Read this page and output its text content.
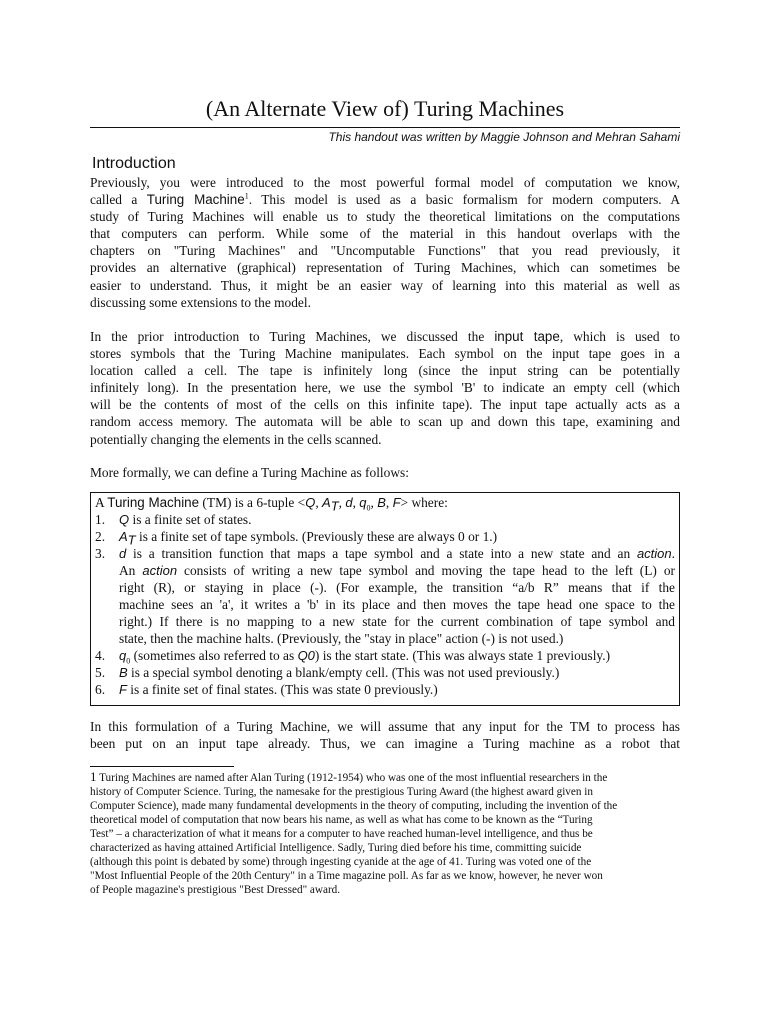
(An Alternate View of) Turing Machines
This handout was written by Maggie Johnson and Mehran Sahami
Introduction
Previously, you were introduced to the most powerful formal model of computation we know,
called a Turing Machine$^1$. This model is used as a basic formalism for modern computers. A
study of Turing Machines will enable us to study the theoretical limitations on the computations
that computers can perform. While some of the material in this handout overlaps with the
chapters on "Turing Machines" and "Uncomputable Functions" that you read previously, it
provides an alternative (graphical) representation of Turing Machines, which can sometimes be
easier to understand. Thus, it might be an easier way of learning into this material as well as
discussing some extensions to the model.
In the prior introduction to Turing Machines, we discussed the input tape, which is used to
stores symbols that the Turing Machine manipulates. Each symbol on the input tape goes in a
location called a cell. The tape is infinitely long (since the input string can be potentially
infinitely long). In the presentation here, we use the symbol 'B' to indicate an empty cell (which
will be the contents of most of the cells on this infinite tape). The input tape actually acts as a
random access memory. The automata will be able to scan up and down this tape, examining and
potentially changing the elements in the cells scanned.
More formally, we can define a Turing Machine as follows:
A Turing Machine (TM) is a 6-tuple <Q, $A_T$, d, $q_0$, B, F> where:
1. Q is a finite set of states.
2. $A_T$ is a finite set of tape symbols. (Previously these are always 0 or 1.)
3.	d is a transition function that maps a tape symbol and a state into a new state and an action.
An action consists of writing a new tape symbol and moving the tape head to the left (L) or
right (R), or staying in place (-). (For example, the transition “a/b R” means that if the
machine sees an 'a', it writes a 'b' in its place and then moves the tape head one space to the
right.) If there is no mapping to a new state for the current combination of tape symbol and
state, then the machine halts. (Previously, the "stay in place" action (-) is not used.)
4. $q_0$ (sometimes also referred to as Q0) is the start state. (This was always state 1 previously.)
5. B is a special symbol denoting a blank/empty cell. (This was not used previously.)
6. F is a finite set of final states. (This was state 0 previously.)
In this formulation of a Turing Machine, we will assume that any input for the TM to process has
been put on an input tape already. Thus, we can imagine a Turing machine as a robot that
1 Turing Machines are named after Alan Turing (1912-1954) who was one of the most influential researchers in the
history of Computer Science. Turing, the namesake for the prestigious Turing Award (the highest award given in
Computer Science), made many fundamental developments in the theory of computing, including the invention of the
theoretical model of computation that now bears his name, as well as what has come to be known as the “Turing
Test” – a characterization of what it means for a computer to have reached human-level intelligence, and thus be
characterized as having attained Artificial Intelligence. Sadly, Turing died before his time, committing suicide
(although this point is debated by some) through ingesting cyanide at the age of 41. Turing was voted one of the
"Most Influential People of the 20th Century" in a Time magazine poll. As far as we know, however, he never won
of People magazine's prestigious "Best Dressed" award.
